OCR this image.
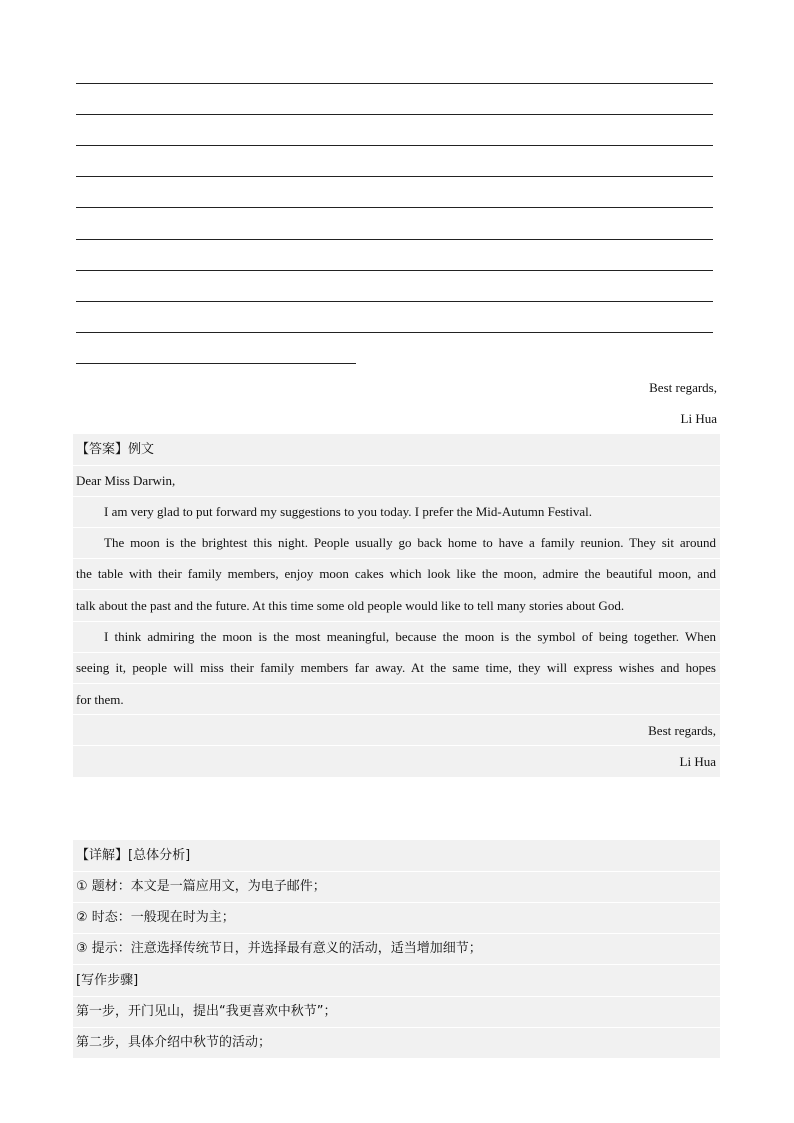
Best regards,
Li Hua
【答案】例文
Dear Miss Darwin,
I am very glad to put forward my suggestions to you today. I prefer the Mid-Autumn Festival.
The moon is the brightest this night. People usually go back home to have a family reunion. They sit around
the table with their family members, enjoy moon cakes which look like the moon, admire the beautiful moon, and
talk about the past and the future. At this time some old people would like to tell many stories about God.
I think admiring the moon is the most meaningful, because the moon is the symbol of being together. When
seeing it, people will miss their family members far away. At the same time, they will express wishes and hopes
for them.
Best regards,
Li Hua
【详解】[总体分析]
① 题材：本文是一篇应用文，为电子邮件；
② 时态：一般现在时为主；
③ 提示：注意选择传统节日，并选择最有意义的活动，适当增加细节；
[写作步骤]
第一步，开门见山，提出“我更喜欢中秋节”；
第二步，具体介绍中秋节的活动；
